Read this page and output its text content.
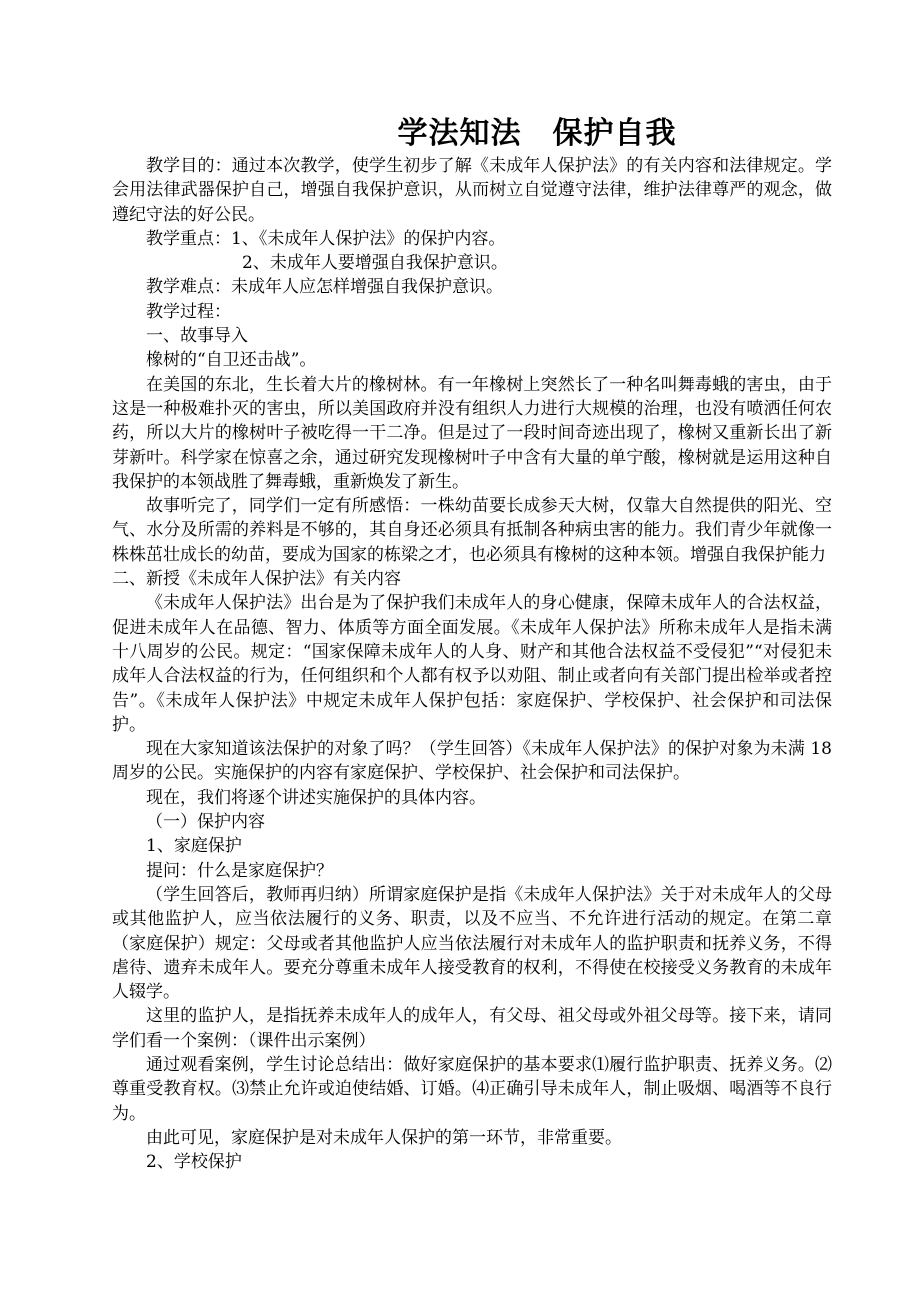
学法知法　保护自我

教学目的：通过本次教学，使学生初步了解《未成年人保护法》的有关内容和法律规定。学会用法律武器保护自己，增强自我保护意识，从而树立自觉遵守法律，维护法律尊严的观念，做遵纪守法的好公民。

教学重点：1、《未成年人保护法》的保护内容。

2、未成年人要增强自我保护意识。

教学难点：未成年人应怎样增强自我保护意识。

教学过程：

一、故事导入

橡树的“自卫还击战”。

在美国的东北，生长着大片的橡树林。有一年橡树上突然长了一种名叫舞毒蛾的害虫，由于这是一种极难扑灭的害虫，所以美国政府并没有组织人力进行大规模的治理，也没有喷洒任何农药，所以大片的橡树叶子被吃得一干二净。但是过了一段时间奇迹出现了，橡树又重新长出了新芽新叶。科学家在惊喜之余，通过研究发现橡树叶子中含有大量的单宁酸，橡树就是运用这种自我保护的本领战胜了舞毒蛾，重新焕发了新生。

故事听完了，同学们一定有所感悟：一株幼苗要长成参天大树，仅靠大自然提供的阳光、空气、水分及所需的养料是不够的，其自身还必须具有抵制各种病虫害的能力。我们青少年就像一株株茁壮成长的幼苗，要成为国家的栋梁之才，也必须具有橡树的这种本领。增强自我保护能力

二、新授《未成年人保护法》有关内容

《未成年人保护法》出台是为了保护我们未成年人的身心健康，保障未成年人的合法权益，促进未成年人在品德、智力、体质等方面全面发展。《未成年人保护法》所称未成年人是指未满十八周岁的公民。规定：“国家保障未成年人的人身、财产和其他合法权益不受侵犯”“对侵犯未成年人合法权益的行为，任何组织和个人都有权予以劝阻、制止或者向有关部门提出检举或者控告”。《未成年人保护法》中规定未成年人保护包括：家庭保护、学校保护、社会保护和司法保护。

现在大家知道该法保护的对象了吗？（学生回答）《未成年人保护法》的保护对象为未满 18 周岁的公民。实施保护的内容有家庭保护、学校保护、社会保护和司法保护。

现在，我们将逐个讲述实施保护的具体内容。

（一）保护内容

1、家庭保护

提问：什么是家庭保护？

（学生回答后，教师再归纳）所谓家庭保护是指《未成年人保护法》关于对未成年人的父母或其他监护人，应当依法履行的义务、职责，以及不应当、不允许进行活动的规定。在第二章（家庭保护）规定：父母或者其他监护人应当依法履行对未成年人的监护职责和抚养义务，不得虐待、遗弃未成年人。要充分尊重未成年人接受教育的权利，不得使在校接受义务教育的未成年人辍学。

这里的监护人，是指抚养未成年人的成年人，有父母、祖父母或外祖父母等。接下来，请同学们看一个案例：（课件出示案例）

通过观看案例，学生讨论总结出：做好家庭保护的基本要求⑴履行监护职责、抚养义务。⑵尊重受教育权。⑶禁止允许或迫使结婚、订婚。⑷正确引导未成年人，制止吸烟、喝酒等不良行为。

由此可见，家庭保护是对未成年人保护的第一环节，非常重要。

2、学校保护
